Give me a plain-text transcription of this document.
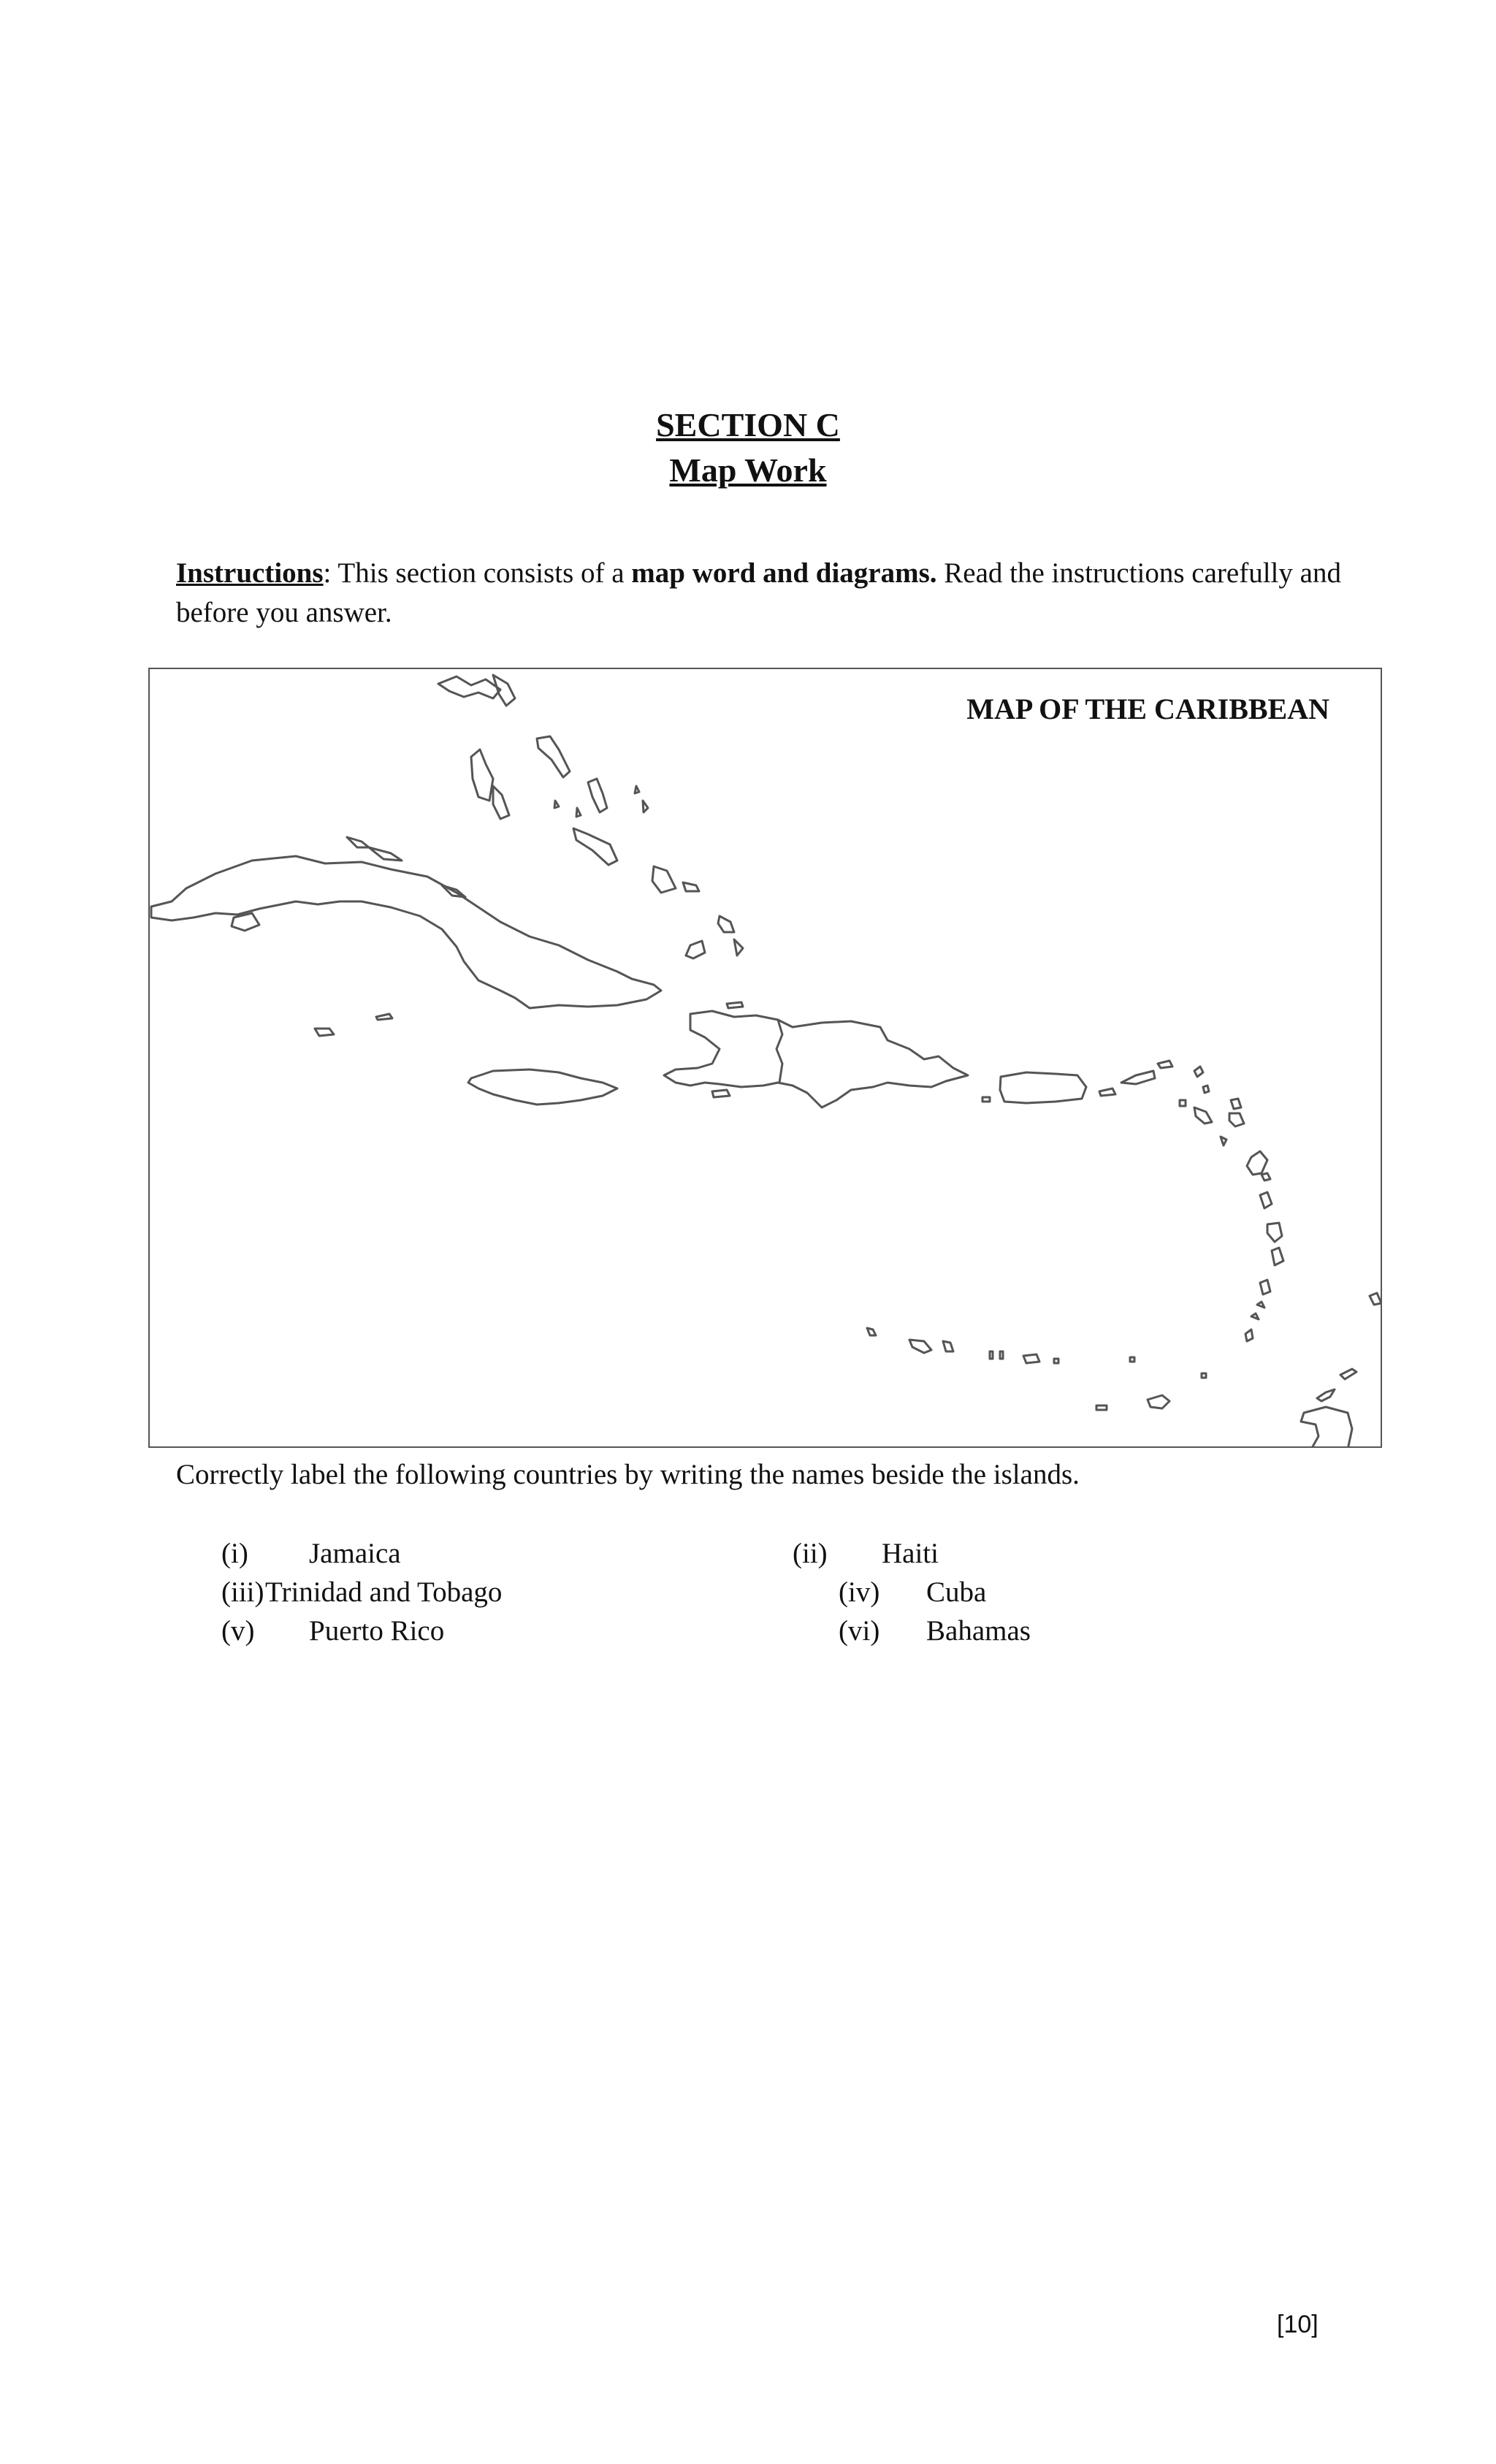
SECTION C
Map Work
Instructions: This section consists of a map word and diagrams. Read the instructions carefully and before you answer.
MAP OF THE CARIBBEAN
Correctly label the following countries by writing the names beside the islands.
(i) Jamaica	(ii) Haiti
(iii) Trinidad and Tobago	(iv) Cuba
(v) Puerto Rico	(vi) Bahamas
[10]
